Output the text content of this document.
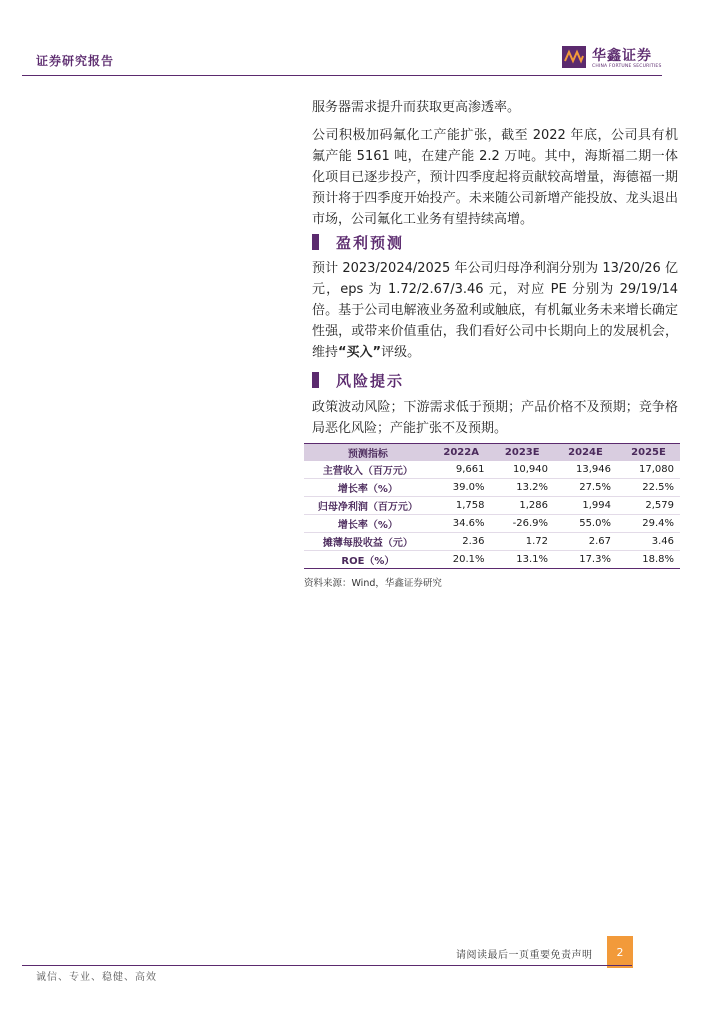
证券研究报告	华鑫证券
CHINA FORTUNE SECURITIES

服务器需求提升而获取更高渗透率。

公司积极加码氟化工产能扩张，截至 2022 年底，公司具有机氟产能 5161 吨，在建产能 2.2 万吨。其中，海斯福二期一体化项目已逐步投产，预计四季度起将贡献较高增量，海德福一期预计将于四季度开始投产。未来随公司新增产能投放、龙头退出市场，公司氟化工业务有望持续高增。

盈利预测

预计 2023/2024/2025 年公司归母净利润分别为 13/20/26 亿元，eps 为 1.72/2.67/3.46 元，对应 PE 分别为 29/19/14 倍。基于公司电解液业务盈利或触底，有机氟业务未来增长确定性强，或带来价值重估，我们看好公司中长期向上的发展机会，维持“买入”评级。

风险提示

政策波动风险；下游需求低于预期；产品价格不及预期；竞争格局恶化风险；产能扩张不及预期。

预测指标	2022A	2023E	2024E	2025E
主营收入（百万元）	9,661	10,940	13,946	17,080
增长率（%）	39.0%	13.2%	27.5%	22.5%
归母净利润（百万元）	1,758	1,286	1,994	2,579
增长率（%）	34.6%	-26.9%	55.0%	29.4%
摊薄每股收益（元）	2.36	1.72	2.67	3.46
ROE（%）	20.1%	13.1%	17.3%	18.8%
资料来源：Wind，华鑫证券研究
请阅读最后一页重要免责声明	2
诚信、专业、稳健、高效
